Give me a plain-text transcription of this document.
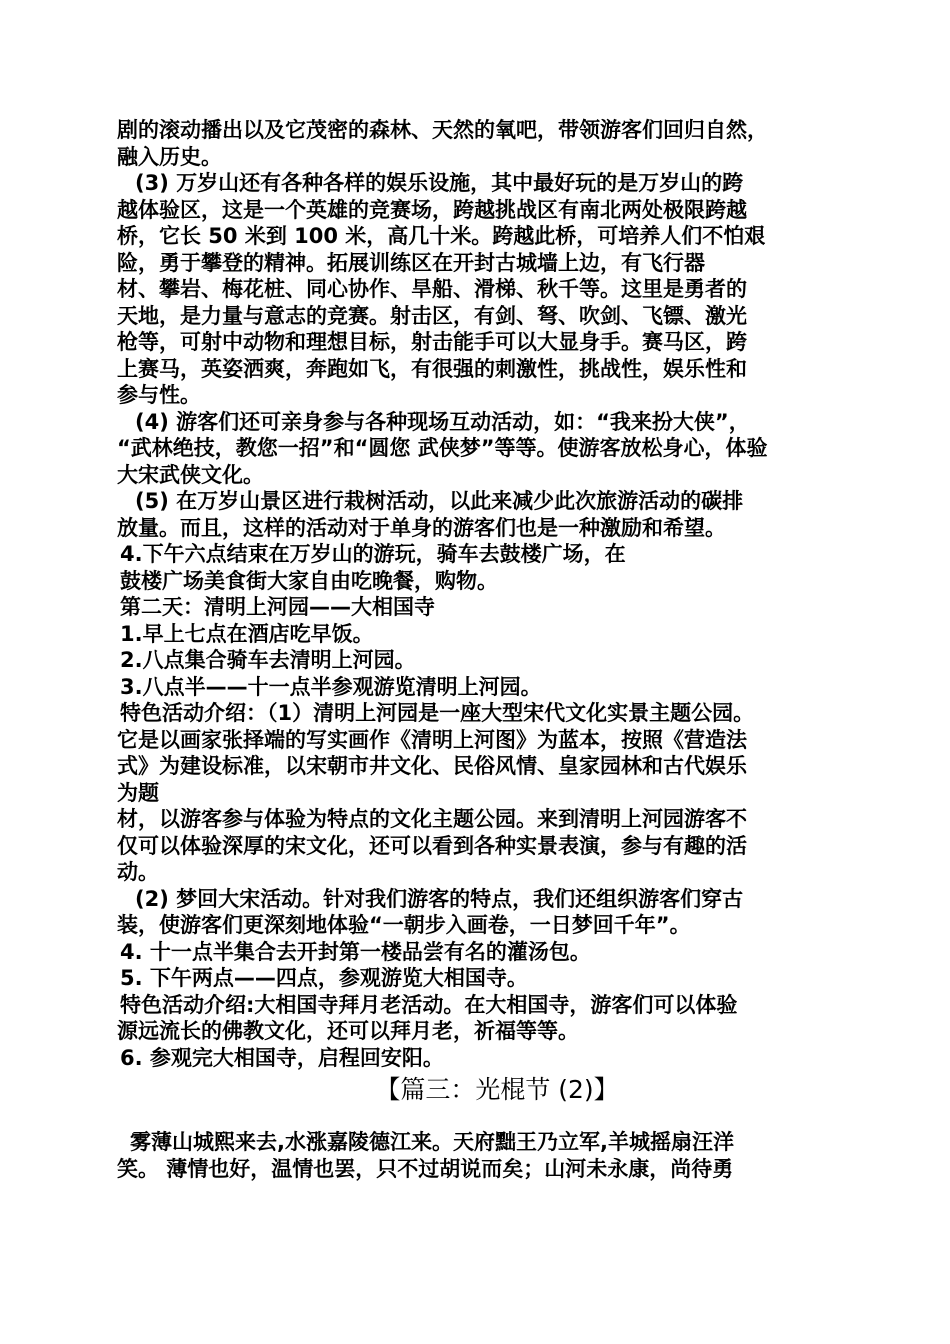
剧的滚动播出以及它茂密的森林、天然的氧吧，带领游客们回归自然，

融入历史。

(3) 万岁山还有各种各样的娱乐设施，其中最好玩的是万岁山的跨

越体验区，这是一个英雄的竞赛场，跨越挑战区有南北两处极限跨越

桥，它长 50 米到 100 米，高几十米。跨越此桥，可培养人们不怕艰

险，勇于攀登的精神。拓展训练区在开封古城墙上边，有飞行器

材、攀岩、梅花桩、同心协作、旱船、滑梯、秋千等。这里是勇者的

天地，是力量与意志的竞赛。射击区，有剑、弩、吹剑、飞镖、激光

枪等，可射中动物和理想目标，射击能手可以大显身手。赛马区，跨

上赛马，英姿洒爽，奔跑如飞，有很强的刺激性，挑战性，娱乐性和

参与性。

(4) 游客们还可亲身参与各种现场互动活动，如：“我来扮大侠”，

“武林绝技，教您一招”和“圆您 武侠梦”等等。使游客放松身心，体验

大宋武侠文化。

(5) 在万岁山景区进行栽树活动，以此来减少此次旅游活动的碳排

放量。而且，这样的活动对于单身的游客们也是一种激励和希望。

4.下午六点结束在万岁山的游玩，骑车去鼓楼广场，在

鼓楼广场美食街大家自由吃晚餐，购物。

第二天：清明上河园——大相国寺

1.早上七点在酒店吃早饭。

2.八点集合骑车去清明上河园。

3.八点半——十一点半参观游览清明上河园。

特色活动介绍：（1）清明上河园是一座大型宋代文化实景主题公园。

它是以画家张择端的写实画作《清明上河图》为蓝本，按照《营造法

式》为建设标准，以宋朝市井文化、民俗风情、皇家园林和古代娱乐

为题

材，以游客参与体验为特点的文化主题公园。来到清明上河园游客不

仅可以体验深厚的宋文化，还可以看到各种实景表演，参与有趣的活

动。

(2) 梦回大宋活动。针对我们游客的特点，我们还组织游客们穿古

装，使游客们更深刻地体验“一朝步入画卷，一日梦回千年”。

4. 十一点半集合去开封第一楼品尝有名的灌汤包。

5. 下午两点——四点，参观游览大相国寺。

特色活动介绍:大相国寺拜月老活动。在大相国寺，游客们可以体验

源远流长的佛教文化，还可以拜月老，祈福等等。

6. 参观完大相国寺，启程回安阳。

【篇三：光棍节 (2)】

雾薄山城熙来去,水涨嘉陵德江来。天府黜王乃立军,羊城摇扇汪洋

笑。 薄情也好，温情也罢，只不过胡说而矣；山河未永康，尚待勇
